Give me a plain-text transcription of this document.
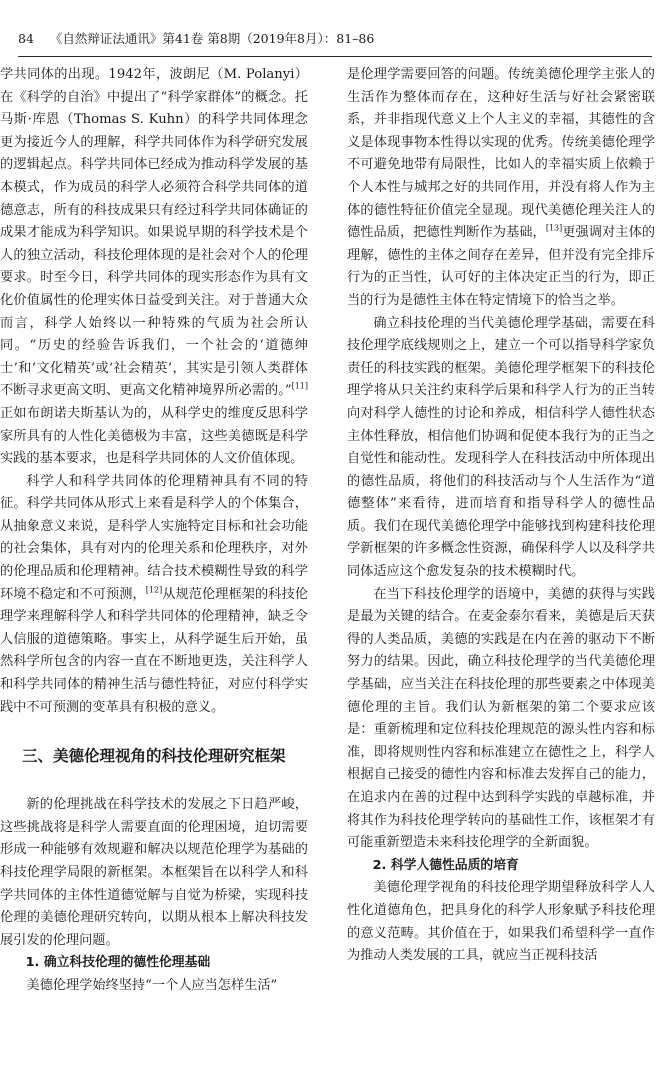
84 《自然辩证法通讯》第41卷 第8期（2019年8月）：81–86

学共同体的出现。1942年，波朗尼（M. Polanyi）在《科学的自治》中提出了“科学家群体”的概念。托马斯·库恩（Thomas S. Kuhn）的科学共同体理念更为接近今人的理解，科学共同体作为科学研究发展的逻辑起点。科学共同体已经成为推动科学发展的基本模式，作为成员的科学人必须符合科学共同体的道德意志，所有的科技成果只有经过科学共同体确证的成果才能成为科学知识。如果说早期的科学技术是个人的独立活动，科技伦理体现的是社会对个人的伦理要求。时至今日，科学共同体的现实形态作为具有文化价值属性的伦理实体日益受到关注。对于普通大众而言，科学人始终以一种特殊的气质为社会所认同。“历史的经验告诉我们，一个社会的‘道德绅士’和‘文化精英’或‘社会精英’，其实是引领人类群体不断寻求更高文明、更高文化精神境界所必需的。”[11]正如布朗诺夫斯基认为的，从科学史的维度反思科学家所具有的人性化美德极为丰富，这些美德既是科学实践的基本要求，也是科学共同体的人文价值体现。

科学人和科学共同体的伦理精神具有不同的特征。科学共同体从形式上来看是科学人的个体集合，从抽象意义来说，是科学人实施特定目标和社会功能的社会集体，具有对内的伦理关系和伦理秩序，对外的伦理品质和伦理精神。结合技术模糊性导致的科学环境不稳定和不可预测，[12]从规范伦理框架的科技伦理学来理解科学人和科学共同体的伦理精神，缺乏令人信服的道德策略。事实上，从科学诞生后开始，虽然科学所包含的内容一直在不断地更迭，关注科学人和科学共同体的精神生活与德性特征，对应付科学实践中不可预测的变革具有积极的意义。

三、美德伦理视角的科技伦理研究框架

新的伦理挑战在科学技术的发展之下日趋严峻，这些挑战将是科学人需要直面的伦理困境，迫切需要形成一种能够有效规避和解决以规范伦理学为基础的科技伦理学局限的新框架。本框架旨在以科学人和科学共同体的主体性道德觉解与自觉为桥梁，实现科技伦理的美德伦理研究转向，以期从根本上解决科技发展引发的伦理问题。

1. 确立科技伦理的德性伦理基础

美德伦理学始终坚持“一个人应当怎样生活”

是伦理学需要回答的问题。传统美德伦理学主张人的生活作为整体而存在，这种好生活与好社会紧密联系，并非指现代意义上个人主义的幸福，其德性的含义是体现事物本性得以实现的优秀。传统美德伦理学不可避免地带有局限性，比如人的幸福实质上依赖于个人本性与城邦之好的共同作用，并没有将人作为主体的德性特征价值完全显现。现代美德伦理关注人的德性品质，把德性判断作为基础，[13]更强调对主体的理解，德性的主体之间存在差异，但并没有完全排斥行为的正当性，认可好的主体决定正当的行为，即正当的行为是德性主体在特定情境下的恰当之举。

确立科技伦理的当代美德伦理学基础，需要在科技伦理学底线规则之上，建立一个可以指导科学家负责任的科技实践的框架。美德伦理学框架下的科技伦理学将从只关注约束科学后果和科学人行为的正当转向对科学人德性的讨论和养成，相信科学人德性状态主体性释放，相信他们协调和促使本我行为的正当之自觉性和能动性。发现科学人在科技活动中所体现出的德性品质，将他们的科技活动与个人生活作为“道德整体”来看待，进而培育和指导科学人的德性品质。我们在现代美德伦理学中能够找到构建科技伦理学新框架的许多概念性资源，确保科学人以及科学共同体适应这个愈发复杂的技术模糊时代。

在当下科技伦理学的语境中，美德的获得与实践是最为关键的结合。在麦金泰尔看来，美德是后天获得的人类品质，美德的实践是在内在善的驱动下不断努力的结果。因此，确立科技伦理学的当代美德伦理学基础，应当关注在科技伦理的那些要素之中体现美德伦理的主旨。我们认为新框架的第二个要求应该是：重新梳理和定位科技伦理规范的源头性内容和标准，即将规则性内容和标准建立在德性之上，科学人根据自己接受的德性内容和标准去发挥自己的能力，在追求内在善的过程中达到科学实践的卓越标准，并将其作为科技伦理学转向的基础性工作，该框架才有可能重新塑造未来科技伦理学的全新面貌。

2. 科学人德性品质的培育

美德伦理学视角的科技伦理学期望释放科学人人性化道德角色，把具身化的科学人形象赋予科技伦理的意义范畴。其价值在于，如果我们希望科学一直作为推动人类发展的工具，就应当正视科技活
